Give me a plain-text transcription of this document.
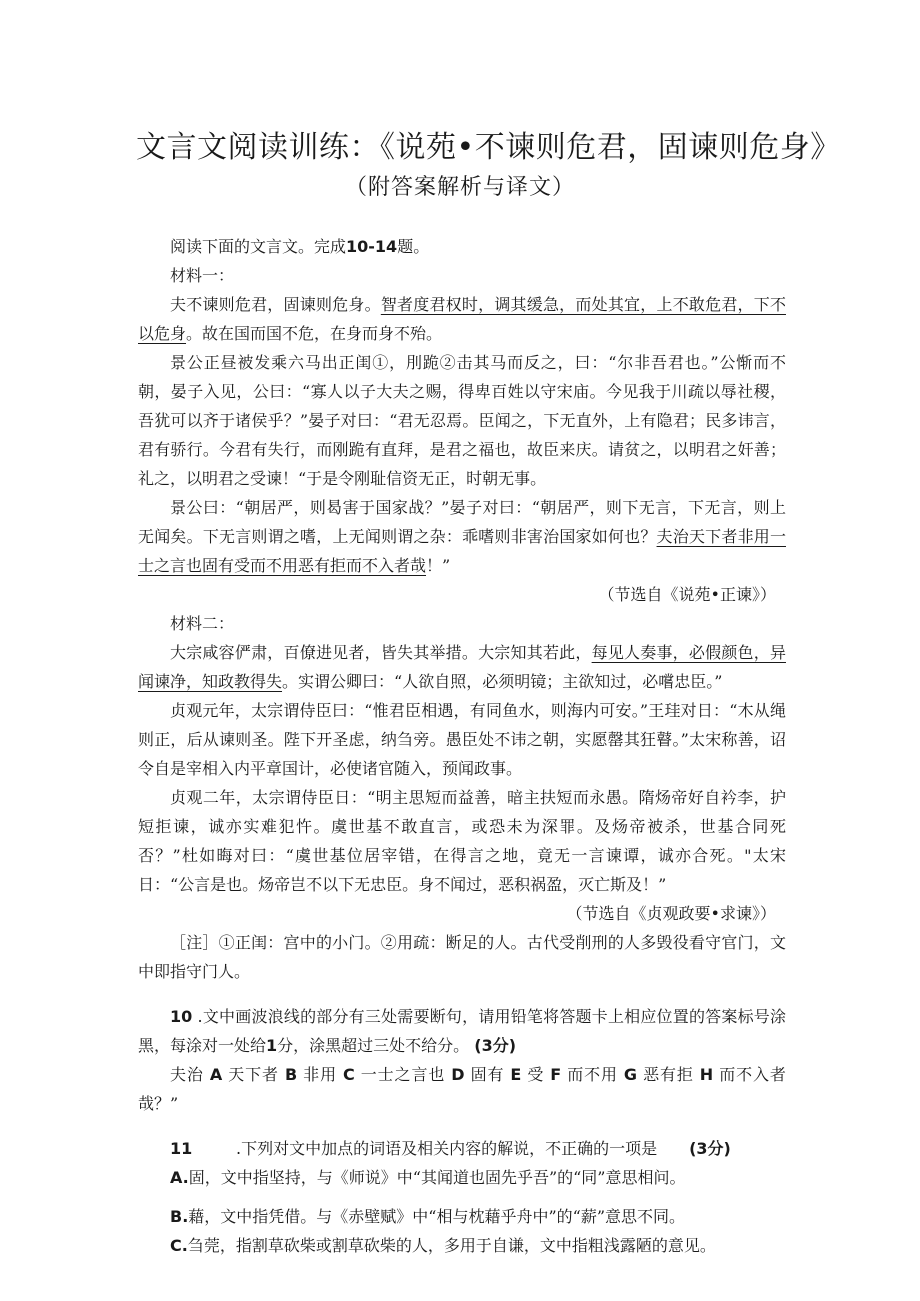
文言文阅读训练：《说苑•不谏则危君，固谏则危身》
（附答案解析与译文）

阅读下面的文言文。完成10-14题。

材料一：

夫不谏则危君，固谏则危身。智者度君权时，调其缓急，而处其宜，上不敢危君，下不以危身。故在国而国不危，在身而身不殆。

景公正昼被发乘六马出正闺①，刖跪②击其马而反之，曰：“尔非吾君也。”公惭而不朝，晏子入见，公曰：“寡人以子大夫之赐，得卑百姓以守宋庙。今见我于川疏以辱社稷，吾犹可以齐于诸侯乎？”晏子对曰：“君无忍焉。臣闻之，下无直外，上有隐君；民多讳言，君有骄行。今君有失行，而刚跪有直拜，是君之福也，故臣来庆。请贫之，以明君之奸善；礼之，以明君之受谏！“于是令刚耻信资无正，时朝无事。

景公曰：“朝居严，则曷害于国家战？”晏子对曰：“朝居严，则下无言，下无言，则上无闻矣。下无言则谓之嗜，上无闻则谓之杂：乖嗜则非害治国家如何也？夫治天下者非用一士之言也固有受而不用恶有拒而不入者哉！”

（节选自《说苑•正谏》）

材料二：

大宗咸容俨肃，百僚进见者，皆失其举措。大宗知其若此，每见人奏事，必假颜色，异闻谏净，知政教得失。实谓公卿曰：“人欲自照，必须明镜；主欲知过，必嚐忠臣。”

贞观元年，太宗谓侍臣曰：“惟君臣相遇，有同鱼水，则海内可安。”王珪对日：“木从绳则正，后从谏则圣。陛下开圣虑，纳刍旁。愚臣处不讳之朝，实愿罄其狂瞽。”太宋称善，诏令自是宰相入内平章国计，必使诸官随入，预闻政事。

贞观二年，太宗谓侍臣日：“明主思短而益善，暗主扶短而永愚。隋炀帝好自衿李，护短拒谏，诚亦实难犯忤。虞世基不敢直言，或恐未为深罪。及炀帝被杀，世基合同死否？”杜如晦对曰：“虞世基位居宰错，在得言之地，竟无一言谏谭，诚亦合死。"太宋日：“公言是也。炀帝岂不以下无忠臣。身不闻过，恶积祸盈，灭亡斯及！”

（节选自《贞观政要•求谏》）

［注］①正闺：宫中的小门。②用疏：断足的人。古代受削刑的人多毁役看守官门，文中即指守门人。

10 .文中画波浪线的部分有三处需要断句，请用铅笔将答题卡上相应位置的答案标号涂黑，每涂对一处给1分，涂黑超过三处不给分。 (3分)

夫治 A 天下者 B 非用 C 一士之言也 D 固有 E 受 F 而不用 G 恶有拒 H 而不入者哉？”

11	.下列对文中加点的词语及相关内容的解说，不正确的一项是	(3分)

A.固，文中指坚持，与《师说》中“其闻道也固先乎吾”的“同”意思相问。

B.藉，文中指凭借。与《赤壁赋》中“相与枕藉乎舟中”的“薪”意思不同。

C.刍莞，指割草砍柴或割草砍柴的人，多用于自谦，文中指粗浅露陋的意见。
